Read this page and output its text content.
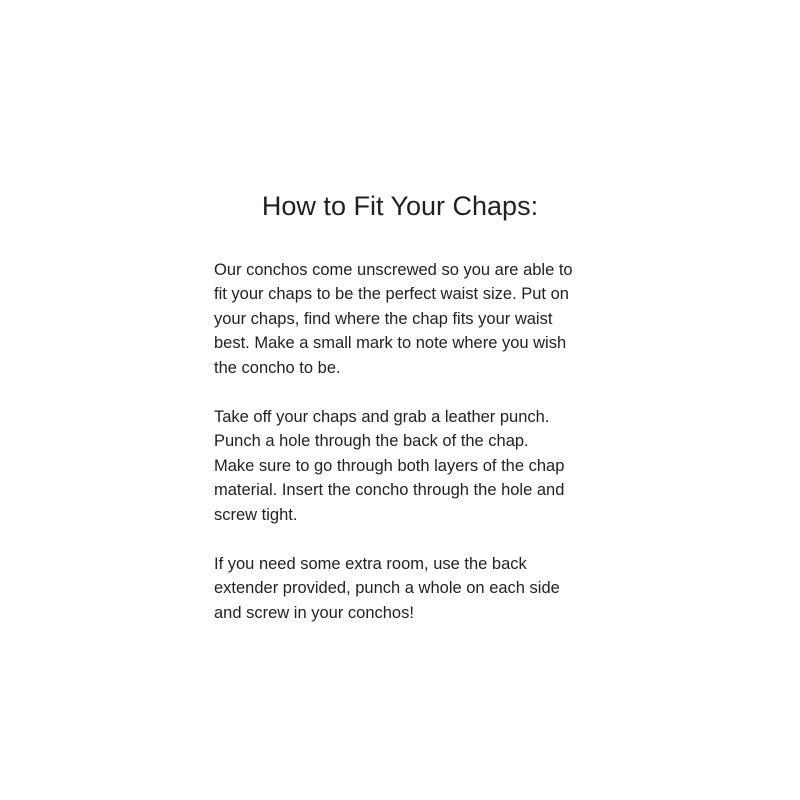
How to Fit Your Chaps:

Our conchos come unscrewed so you are able to
fit your chaps to be the perfect waist size. Put on
your chaps, find where the chap fits your waist
best. Make a small mark to note where you wish
the concho to be.

Take off your chaps and grab a leather punch.
Punch a hole through the back of the chap.
Make sure to go through both layers of the chap
material. Insert the concho through the hole and
screw tight.

If you need some extra room, use the back
extender provided, punch a whole on each side
and screw in your conchos!
